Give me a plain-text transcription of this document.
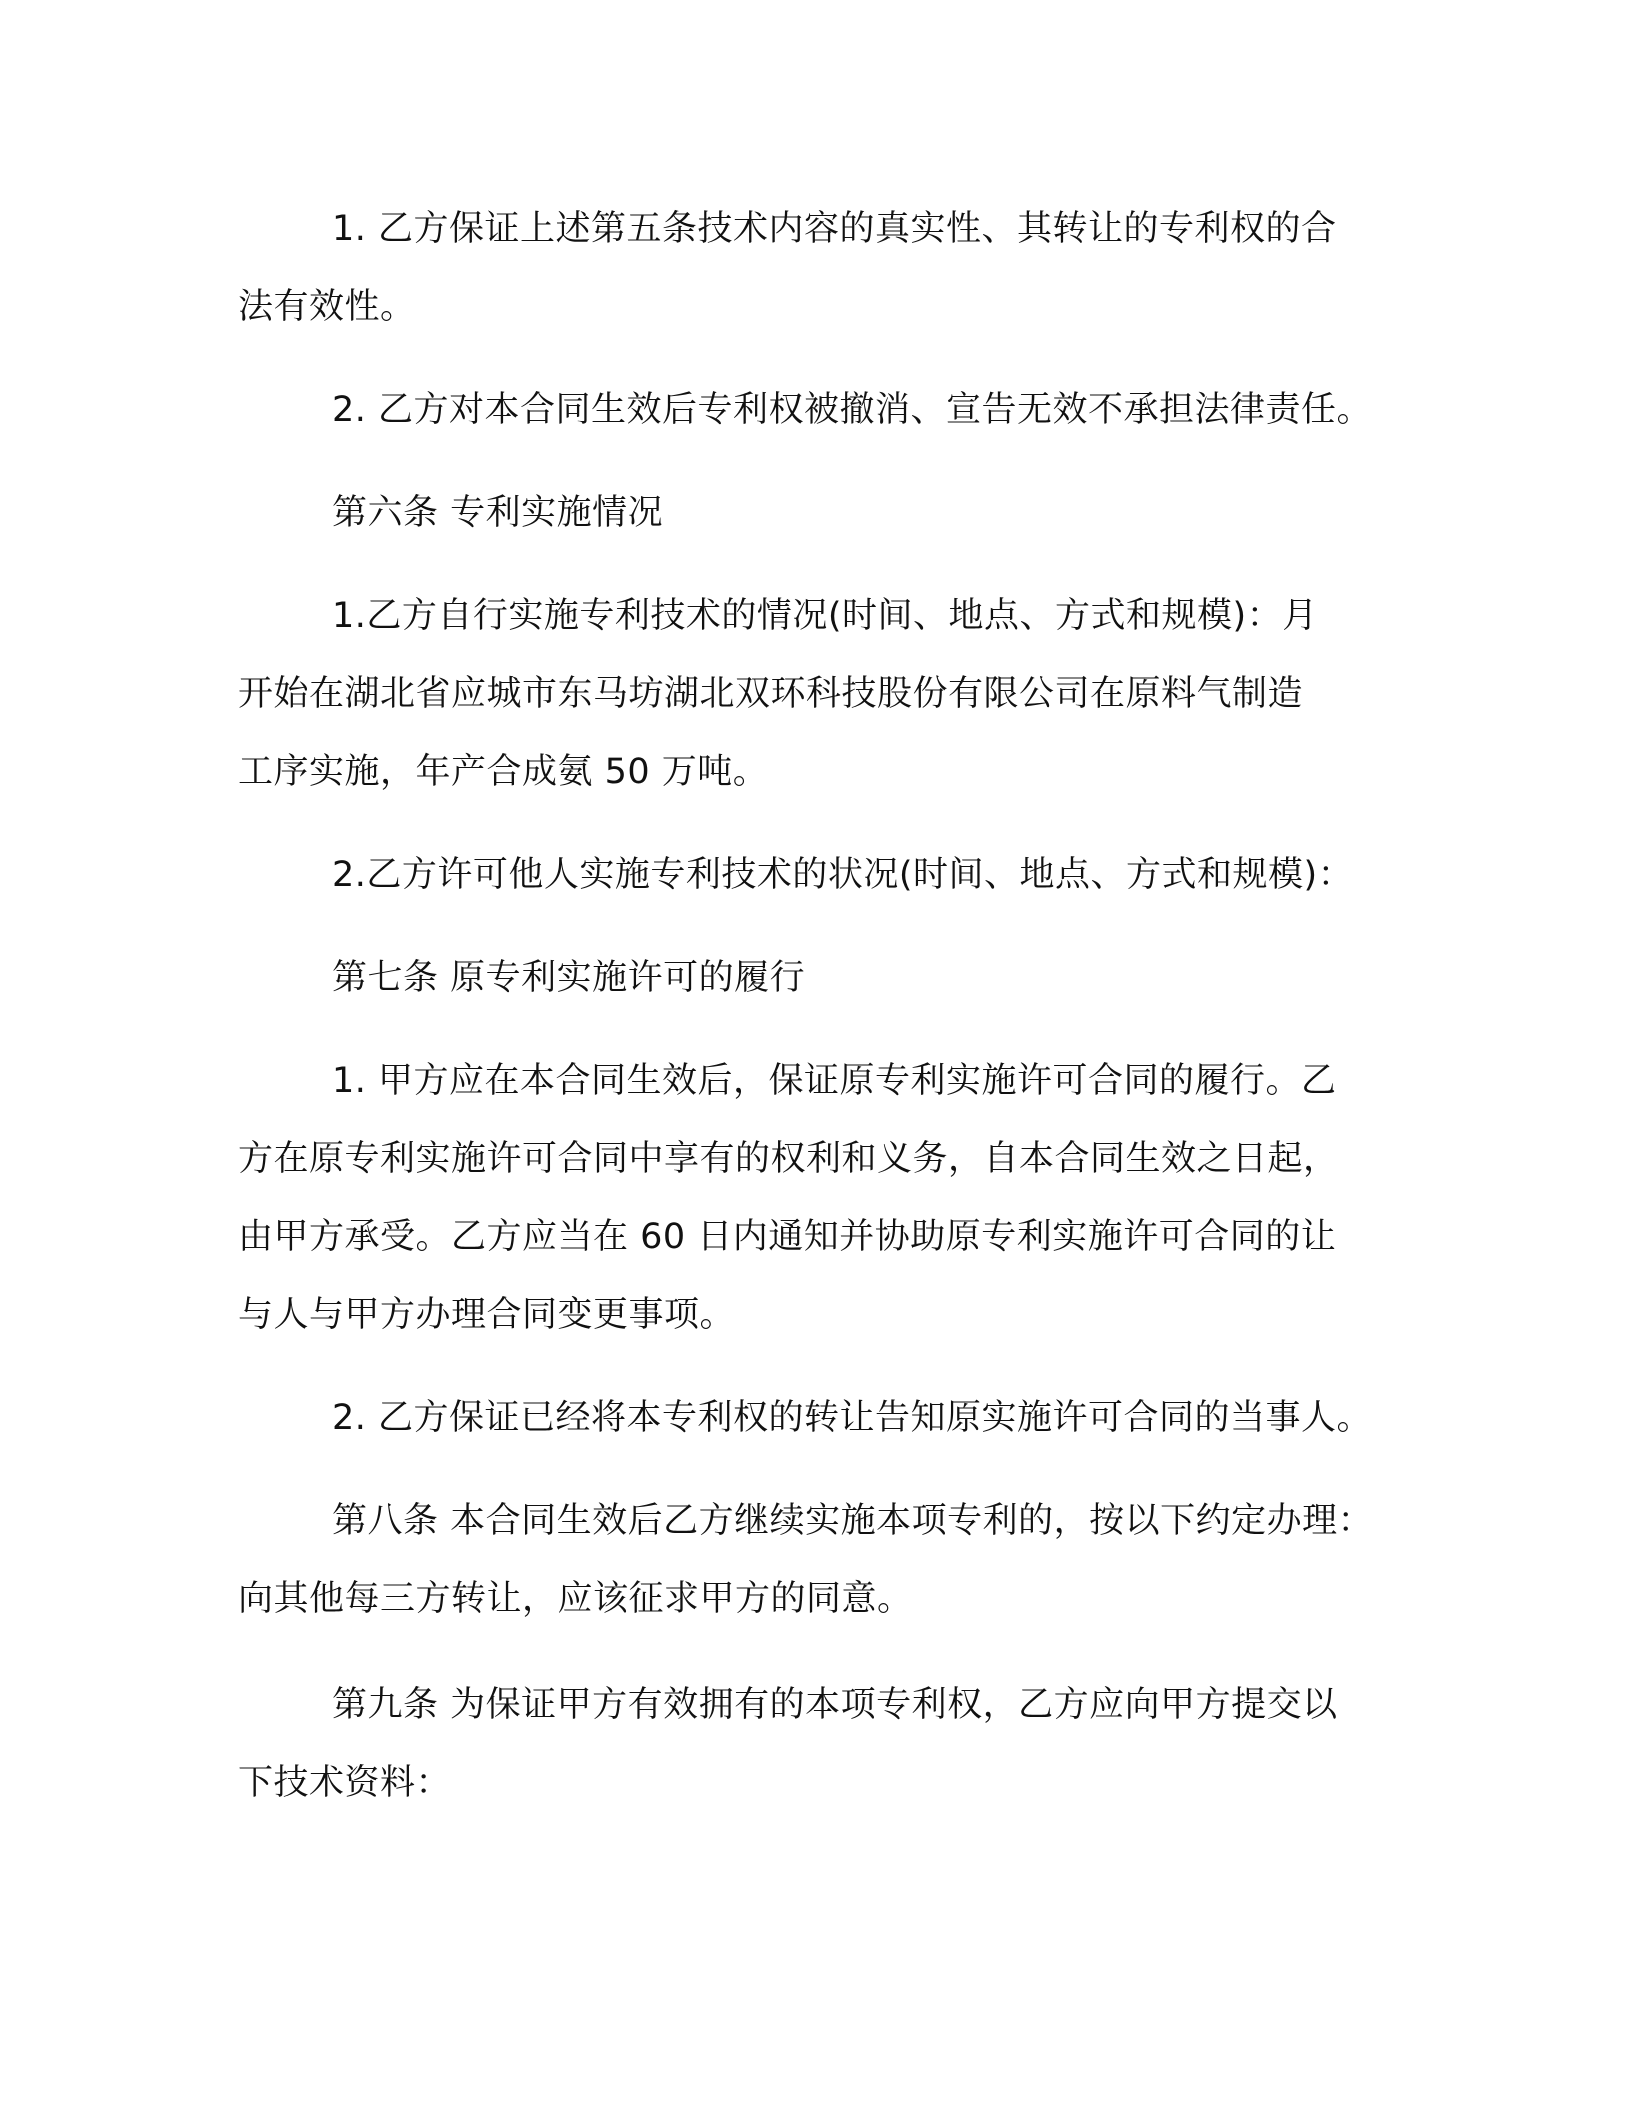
1. 乙方保证上述第五条技术内容的真实性、其转让的专利权的合
法有效性。

2. 乙方对本合同生效后专利权被撤消、宣告无效不承担法律责任。

第六条 专利实施情况

1.乙方自行实施专利技术的情况(时间、地点、方式和规模)：月
开始在湖北省应城市东马坊湖北双环科技股份有限公司在原料气制造
工序实施，年产合成氨 50 万吨。

2.乙方许可他人实施专利技术的状况(时间、地点、方式和规模)：

第七条 原专利实施许可的履行

1. 甲方应在本合同生效后，保证原专利实施许可合同的履行。乙
方在原专利实施许可合同中享有的权利和义务，自本合同生效之日起，
由甲方承受。乙方应当在 60 日内通知并协助原专利实施许可合同的让
与人与甲方办理合同变更事项。

2. 乙方保证已经将本专利权的转让告知原实施许可合同的当事人。

第八条 本合同生效后乙方继续实施本项专利的，按以下约定办理：
向其他每三方转让，应该征求甲方的同意。

第九条 为保证甲方有效拥有的本项专利权，乙方应向甲方提交以
下技术资料：
